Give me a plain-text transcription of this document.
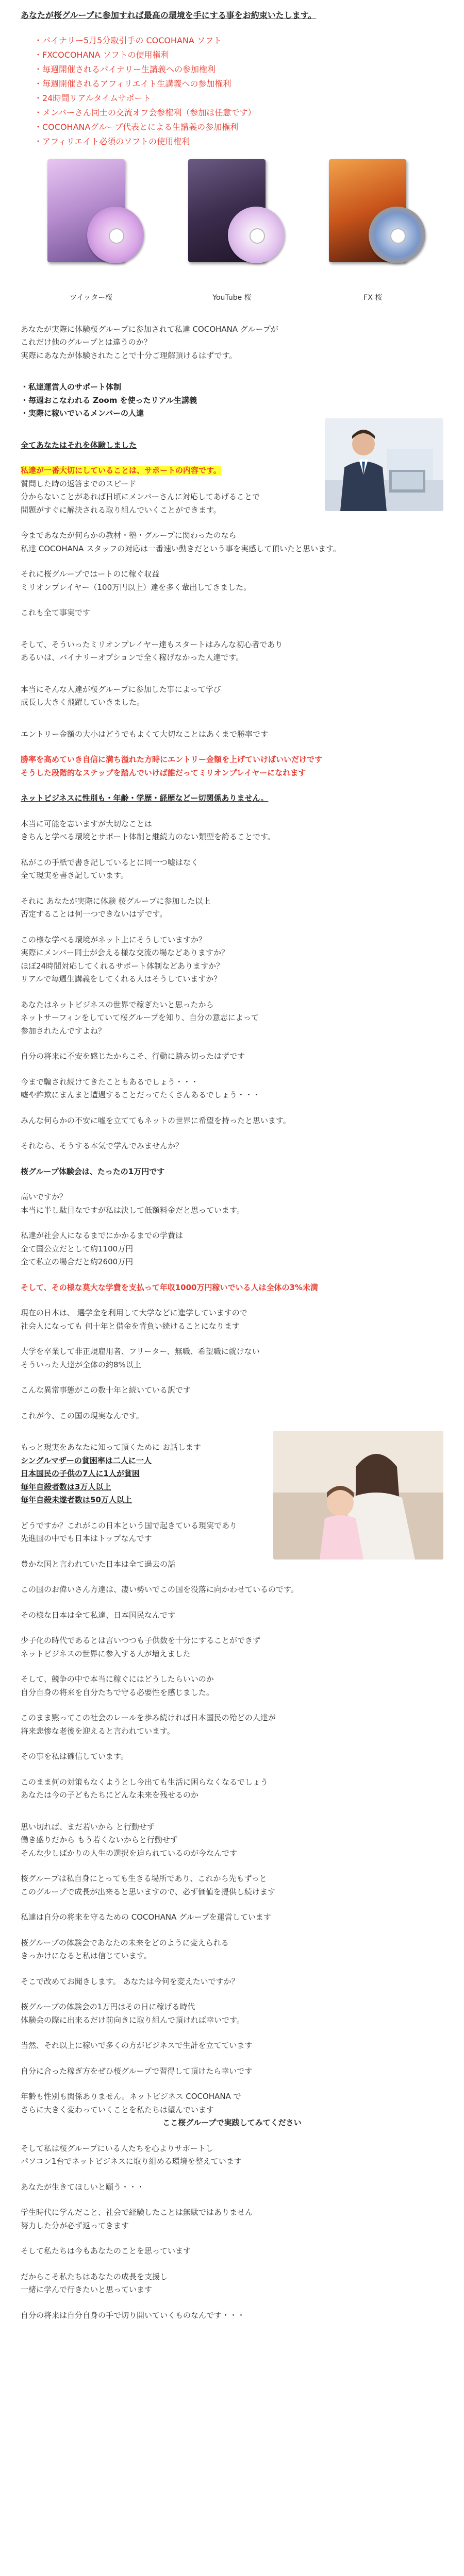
あなたが桜グループに参加すれば最高の環境を手にする事をお約束いたします。
・パイナリー5月5分取引手の COCOHANA ソフト
・FXCOCOHANA ソフトの使用権利
・毎週開催されるパイナリー生講義への参加権利
・毎週開催されるアフィリエイト生講義への参加権利
・24時間リアルタイムサポート
・メンバーさん同士の交流オフ会参権利（参加は任意です）
・COCOHANAグループ代表とによる生講義の参加権利
・アフィリエイト必須のソフトの使用権利
ツイッター桜	YouTube 桜	FX 桜

あなたが実際に体験桜グループに参加されて私達 COCOHANA グループが

これだけ他のグループとは違うのか？

実際にあなたが体験されたことで十分ご理解頂けるはずです。

・私達運営人のサポート体制

・毎週おこなわれる Zoom を使ったリアル生講義

・実際に稼いでいるメンバーの人達

全てあなたはそれを体験しました

私達が一番大切にしていることは、サポートの内容です。

質問した時の返答までのスピード

分からないことがあれば日頃にメンバーさんに対応してあげることで

問題がすぐに解決される取り組んでいくことができます。

今まであなたが何らかの教材・塾・グループに関わったのなら

私達 COCOHANA スタッフの対応は一番速い動きだという事を実感して頂いたと思います。

それに桜グループではートのに稼ぐ収益

ミリオンプレイヤー（100万円以上）達を多く輩出してきました。

これも全て事実です

そして、そういったミリオンプレイヤー達もスタートはみんな初心者であり

あるいは、バイナリーオプションで全く稼げなかった人達です。

本当にそんな人達が桜グループに参加した事によって学び

成長し大きく飛躍していきました。

エントリー金額の大小はどうでもよくて大切なことはあくまで勝率です

勝率を高めていき自信に満ち溢れた方時にエントリー金額を上げていけばいいだけです

そうした段階的なステップを踏んでいけば誰だってミリオンプレイヤーになれます

ネットビジネスに性別も・年齢・学歴・経歴などー切関係ありません。

本当に可能を志いますが大切なことは

きちんと学べる環境とサポート体制と継続力のない類型を誇ることです。

私がこの手紙で書き記しているとに同一つ嘘はなく

全て現実を書き記しています。

それに あなたが実際に体験 桜グループに参加した以上

否定することは何一つできないはずです。

この様な学べる環境がネット上にそうしていますか？

実際にメンバー同士が会える様な交流の場などありますか？

ほぼ24時間対応してくれるサポート体制などありますか？

リアルで毎週生講義をしてくれる人はそうしていますか？

あなたはネットビジネスの世界で稼ぎたいと思ったから

ネットサーフィンをしていて桜グループを知り、自分の意志によって

参加されたんですよね？

自分の将来に不安を感じたからこそ、行動に踏み切ったはずです

今まで騙され続けてきたこともあるでしょう・・・

嘘や詐欺にまんまと遭遇することだってたくさんあるでしょう・・・

みんな何らかの不安に嘘を立ててもネットの世界に希望を持ったと思います。

それなら、そうする本気で学んでみませんか？

桜グループ体験会は、たったの1万円です

高いですか？

本当に半し駄目なですが私は決して低額料金だと思っています。

私達が社会人になるまでにかかるまでの学費は

全て国公立だとして約1100万円

全て私立の場合だと約2600万円

そして、その様な莫大な学費を支払って年収1000万円稼いでいる人は全体の3%未満

現在の日本は、 選学金を利用して大学などに進学していますので

社会人になっても 何十年と借金を背負い続けることになります

大学を卒業して非正規雇用者、フリーター、無職、希望職に就けない

そういった人達が全体の約8%以上

こんな異常事態がこの数十年と続いている訳です

これが今、この国の現実なんです。

もっと現実をあなたに知って頂くために お話します

シングルマザーの貧困率は二人に一人

日本国民の子供の7人に1人が貧困

毎年自殺者数は3万人以上

毎年自殺未遂者数は50万人以上

どうですか？これがこの日本という国で起きている現実であり

先進国の中でも日本はトップなんです

豊かな国と言われていた日本は全て過去の話

この国のお偉いさん方達は、凄い勢いでこの国を没落に向かわせているのです。

その様な日本は全て私達、日本国民なんです

少子化の時代であるとは言いつつも子供数を十分にすることができず

ネットビジネスの世界に参入する人が増えました

そして、競争の中で本当に稼ぐにはどうしたらいいのか

自分自身の将来を自分たちで守る必要性を感じました。

このまま黙ってこの社会のレールを歩み続ければ日本国民の殆どの人達が

将来悲惨な老後を迎えると言われています。

その事を私は確信しています。

このまま何の対策もなくようとし今出ても生活に困らなくなるでしょう

あなたは今の子どもたちにどんな未来を残せるのか

思い切れば、まだ若いから と行動せず

働き盛りだから もう若くないからと行動せず

そんな少しばかりの人生の選択を迫られているのが今なんです

桜グループは私自身にとっても生きる場所であり、これから先もずっと

このグループで成長が出来ると思いますので、必ず価値を提供し続けます

私達は自分の将来を守るための COCOHANA グループを運営しています

桜グループの体験会であなたの未来をどのように変えられる

きっかけになると私は信じています。

そこで改めてお聞きします。 あなたは今何を変えたいですか？

桜グループの体験会の1万円はその日に稼げる時代

体験会の際に出来るだけ前向きに取り組んで頂ければ幸いです。

当然、それ以上に稼いで多くの方がビジネスで生計を立てています

自分に合った稼ぎ方をぜひ桜グループで習得して頂けたら幸いです

年齢も性別も関係ありません。ネットビジネス COCOHANA で

さらに大きく変わっていくことを私たちは望んでいます

ここ桜グループで実践してみてください

そして私は桜グループにいる人たちを心よりサポートし

パソコン1台でネットビジネスに取り組める環境を整えています

あなたが生きてほしいと願う・・・

学生時代に学んだこと、社会で経験したことは無駄ではありません

努力した分が必ず返ってきます

そして私たちは今もあなたのことを思っています

だからこそ私たちはあなたの成長を支援し

一緒に学んで行きたいと思っています

自分の将来は自分自身の手で切り開いていくものなんです・・・
